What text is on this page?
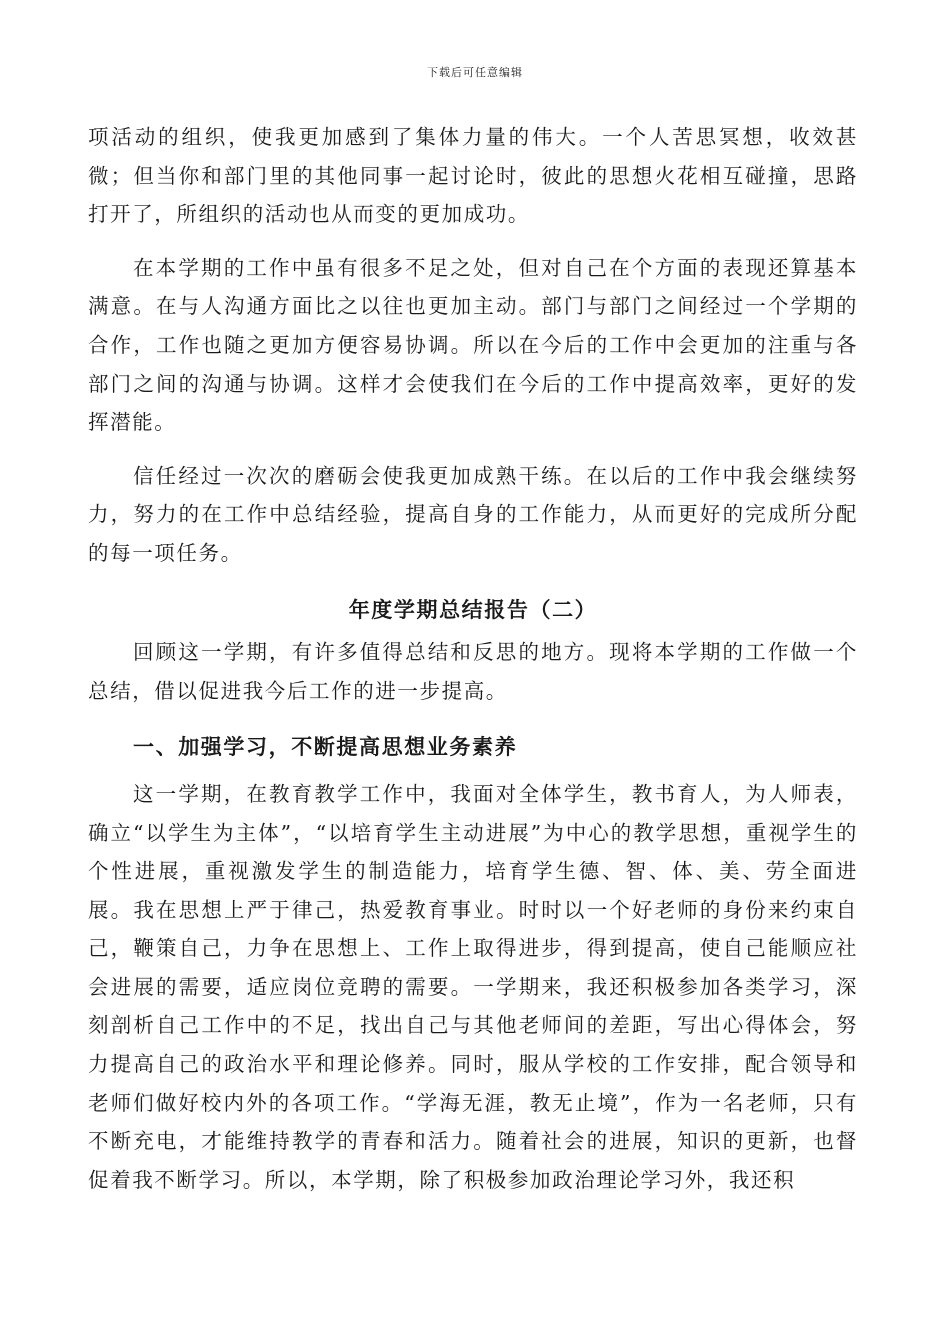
下载后可任意编辑

项活动的组织，使我更加感到了集体力量的伟大。一个人苦思冥想，收效甚微；但当你和部门里的其他同事一起讨论时，彼此的思想火花相互碰撞，思路打开了，所组织的活动也从而变的更加成功。

在本学期的工作中虽有很多不足之处，但对自己在个方面的表现还算基本满意。在与人沟通方面比之以往也更加主动。部门与部门之间经过一个学期的合作，工作也随之更加方便容易协调。所以在今后的工作中会更加的注重与各部门之间的沟通与协调。这样才会使我们在今后的工作中提高效率，更好的发挥潜能。

信任经过一次次的磨砺会使我更加成熟干练。在以后的工作中我会继续努力，努力的在工作中总结经验，提高自身的工作能力，从而更好的完成所分配的每一项任务。

年度学期总结报告（二）

回顾这一学期，有许多值得总结和反思的地方。现将本学期的工作做一个总结，借以促进我今后工作的进一步提高。

一、加强学习，不断提高思想业务素养

这一学期，在教育教学工作中，我面对全体学生，教书育人，为人师表，确立“以学生为主体”，“以培育学生主动进展”为中心的教学思想，重视学生的个性进展，重视激发学生的制造能力，培育学生德、智、体、美、劳全面进展。我在思想上严于律己，热爱教育事业。时时以一个好老师的身份来约束自己，鞭策自己，力争在思想上、工作上取得进步，得到提高，使自己能顺应社会进展的需要，适应岗位竞聘的需要。一学期来，我还积极参加各类学习，深刻剖析自己工作中的不足，找出自己与其他老师间的差距，写出心得体会，努力提高自己的政治水平和理论修养。同时，服从学校的工作安排，配合领导和老师们做好校内外的各项工作。“学海无涯，教无止境”，作为一名老师，只有不断充电，才能维持教学的青春和活力。随着社会的进展，知识的更新，也督促着我不断学习。所以，本学期，除了积极参加政治理论学习外，我还积
